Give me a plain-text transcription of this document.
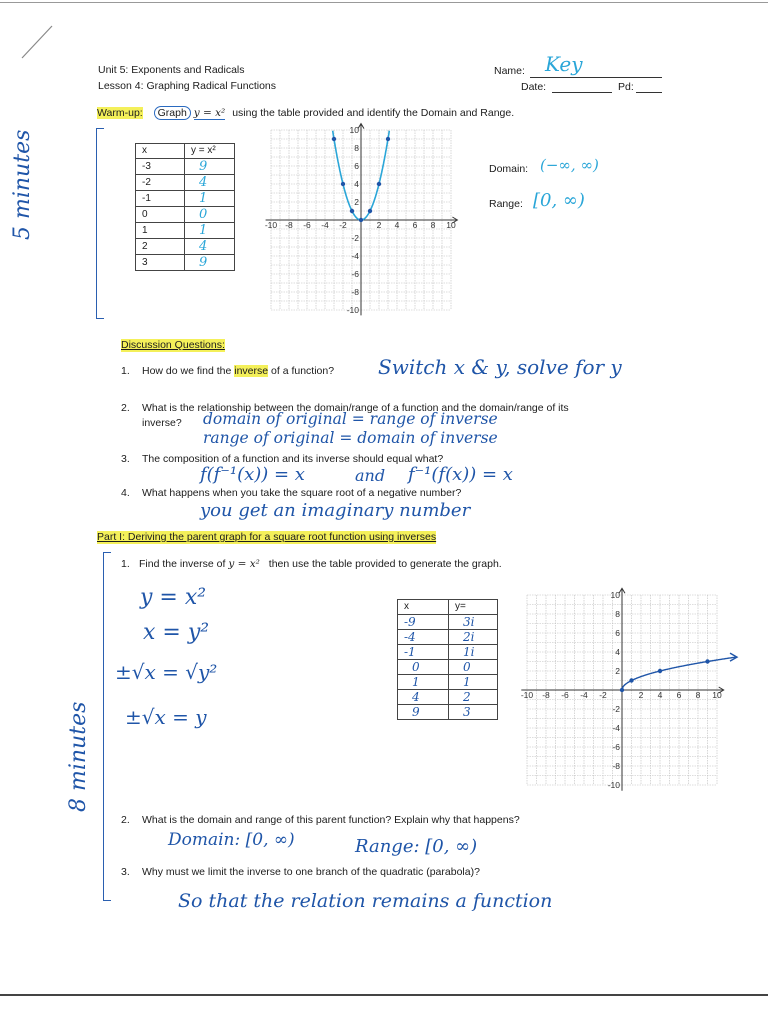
Unit 5: Exponents and Radicals
Lesson 4: Graphing Radical Functions
Name: Key
Date:	Pd:
Warm-up: Graph y = x² using the table provided and identify the Domain and Range.
5 minutes	x	y = x²
-3	9
-2	4
-1	1
0	0
1	1
2	4
3	9
-10 -8 -6 -4 -2	2 4 6 8 10
10
8
6
4
2
-2
-4
-6
-8
-10
Domain: (−∞, ∞)
Range: [0, ∞)
Discussion Questions:
1. How do we find the inverse of a function? Switch x & y, solve for y
2. What is the relationship between the domain/range of a function and the domain/range of its
inverse? domain of original = range of inverse
range of original = domain of inverse
3. The composition of a function and its inverse should equal what?
f(f⁻¹(x)) = x	and f⁻¹(f(x)) = x
4. What happens when you take the square root of a negative number?
you get an imaginary number
Part I: Deriving the parent graph for a square root function using inverses
8 minutes
1. Find the inverse of y = x² then use the table provided to generate the graph.
y = x²
x = y²
±√x = √y²
±√x = y
x	y=
-9	3i
-4	2i
-1	1i
0	0
1	1
4	2
9	3
-10 -8 -6 -4 -2	2 4 6 8 10
10
8
6
4
2
-2
-4
-6
-8
-10
2. What is the domain and range of this parent function? Explain why that happens?
Domain: [0, ∞)	Range: [0, ∞)
3. Why must we limit the inverse to one branch of the quadratic (parabola)?
So that the relation remains a function
